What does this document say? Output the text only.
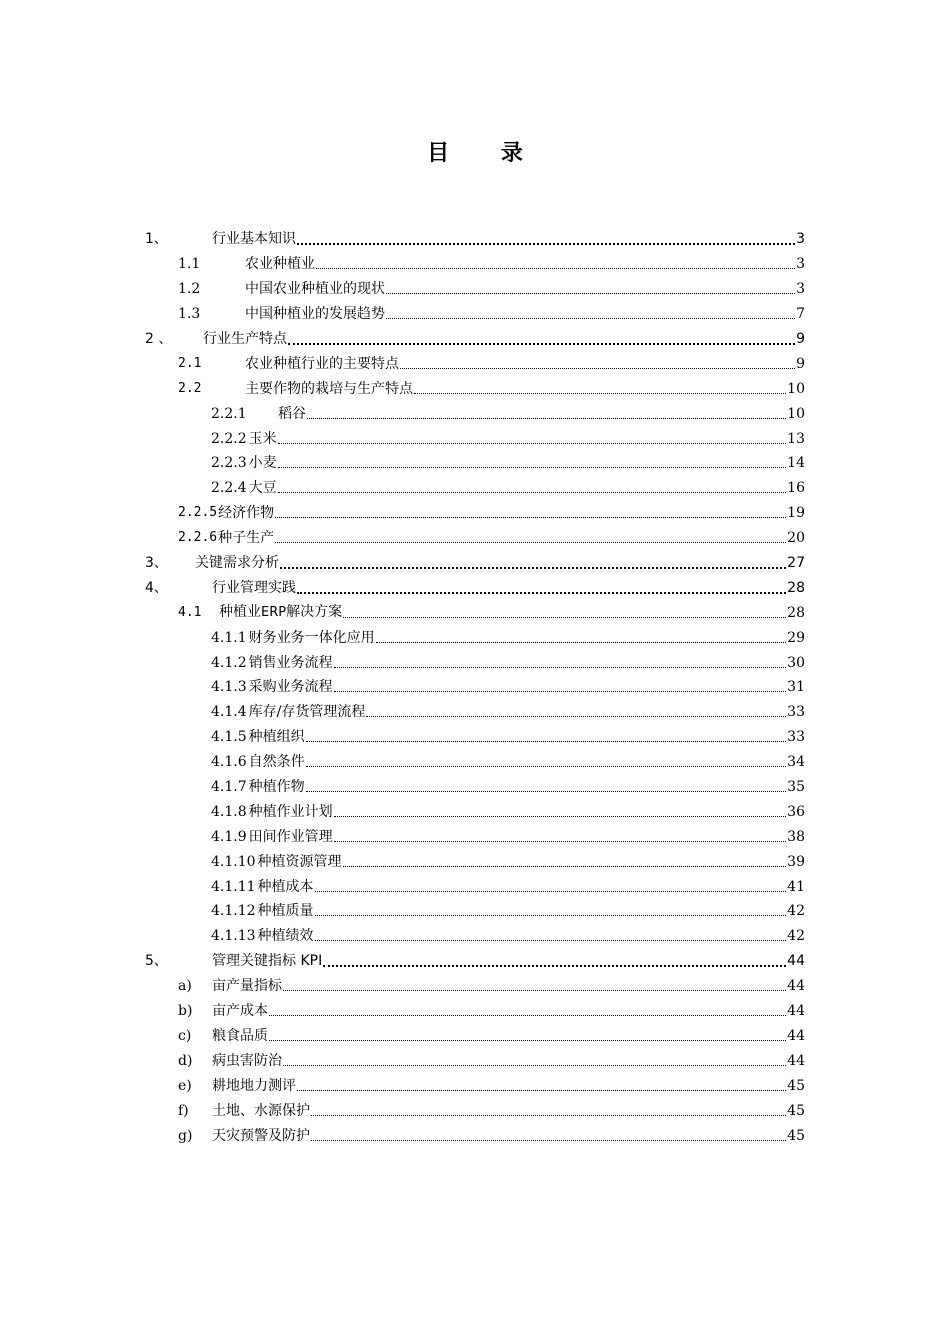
目 录
1、	行业基本知识	3
1.1	农业种植业	3
1.2	中国农业种植业的现状	3
1.3	中国种植业的发展趋势	7
2 、	行业生产特点	9
2.1	农业种植行业的主要特点	9
2.2	主要作物的栽培与生产特点	10
2.2.1	稻谷	10
2.2.2 玉米	13
2.2.3 小麦	14
2.2.4 大豆	16
2.2.5 经济作物	19
2.2.6 种子生产	20
3、	关键需求分析	27
4、	行业管理实践	28
4.1	种植业ERP解决方案	28
4.1.1 财务业务一体化应用	29
4.1.2 销售业务流程	30
4.1.3 采购业务流程	31
4.1.4 库存/存货管理流程	33
4.1.5 种植组织	33
4.1.6 自然条件	34
4.1.7 种植作物	35
4.1.8 种植作业计划	36
4.1.9 田间作业管理	38
4.1.10 种植资源管理	39
4.1.11 种植成本	41
4.1.12 种植质量	42
4.1.13 种植绩效	42
5、	管理关键指标 KPI	44
a)	亩产量指标	44
b)	亩产成本	44
c)	粮食品质	44
d)	病虫害防治	44
e)	耕地地力测评	45
f)	土地、水源保护	45
g)	天灾预警及防护	45
